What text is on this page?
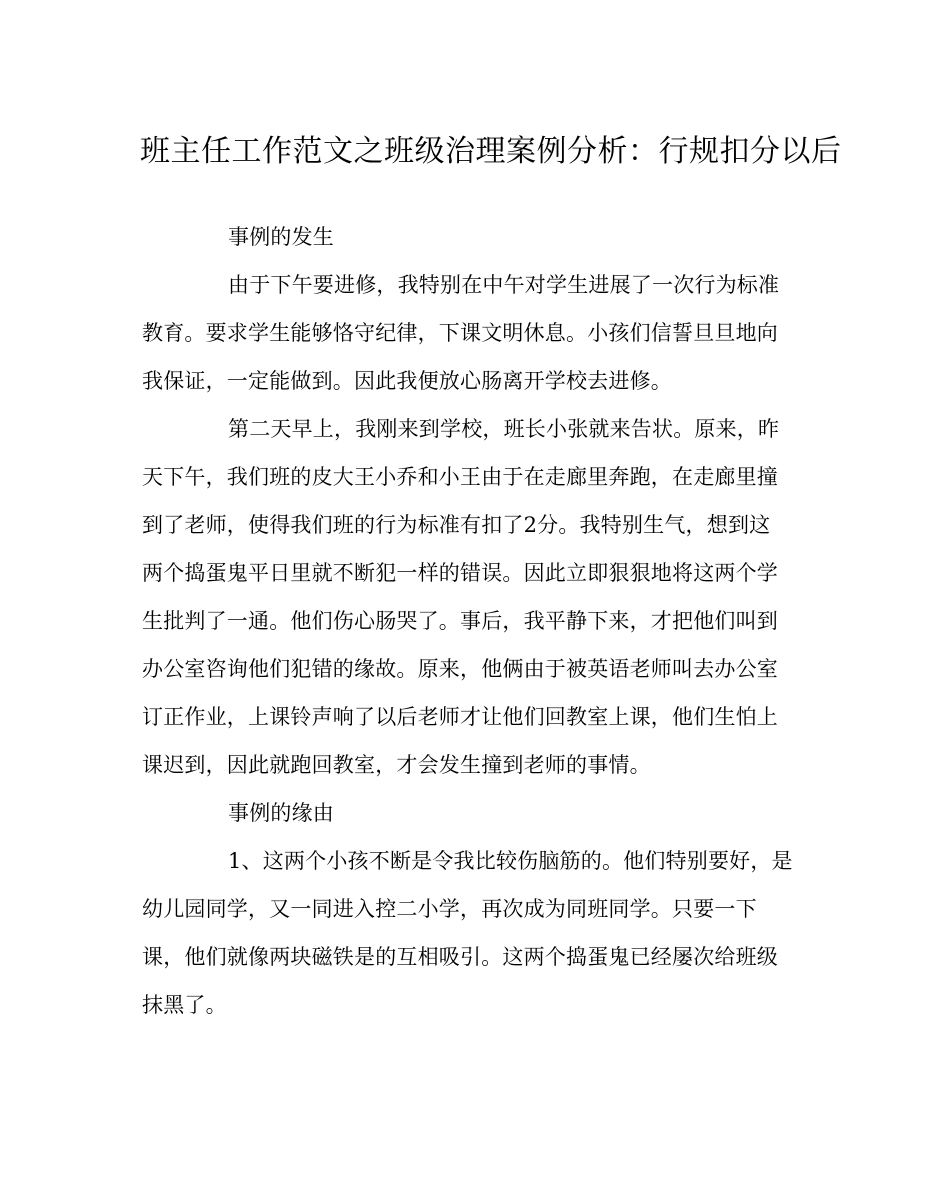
班主任工作范文之班级治理案例分析：行规扣分以后
事例的发生
由于下午要进修，我特别在中午对学生进展了一次行为标准
教育。要求学生能够恪守纪律，下课文明休息。小孩们信誓旦旦地向
我保证，一定能做到。因此我便放心肠离开学校去进修。
第二天早上，我刚来到学校，班长小张就来告状。原来，昨
天下午，我们班的皮大王小乔和小王由于在走廊里奔跑，在走廊里撞
到了老师，使得我们班的行为标准有扣了2分。我特别生气，想到这
两个捣蛋鬼平日里就不断犯一样的错误。因此立即狠狠地将这两个学
生批判了一通。他们伤心肠哭了。事后，我平静下来，才把他们叫到
办公室咨询他们犯错的缘故。原来，他俩由于被英语老师叫去办公室
订正作业，上课铃声响了以后老师才让他们回教室上课，他们生怕上
课迟到，因此就跑回教室，才会发生撞到老师的事情。
事例的缘由
1、这两个小孩不断是令我比较伤脑筋的。他们特别要好，是
幼儿园同学，又一同进入控二小学，再次成为同班同学。只要一下
课，他们就像两块磁铁是的互相吸引。这两个捣蛋鬼已经屡次给班级
抹黑了。
